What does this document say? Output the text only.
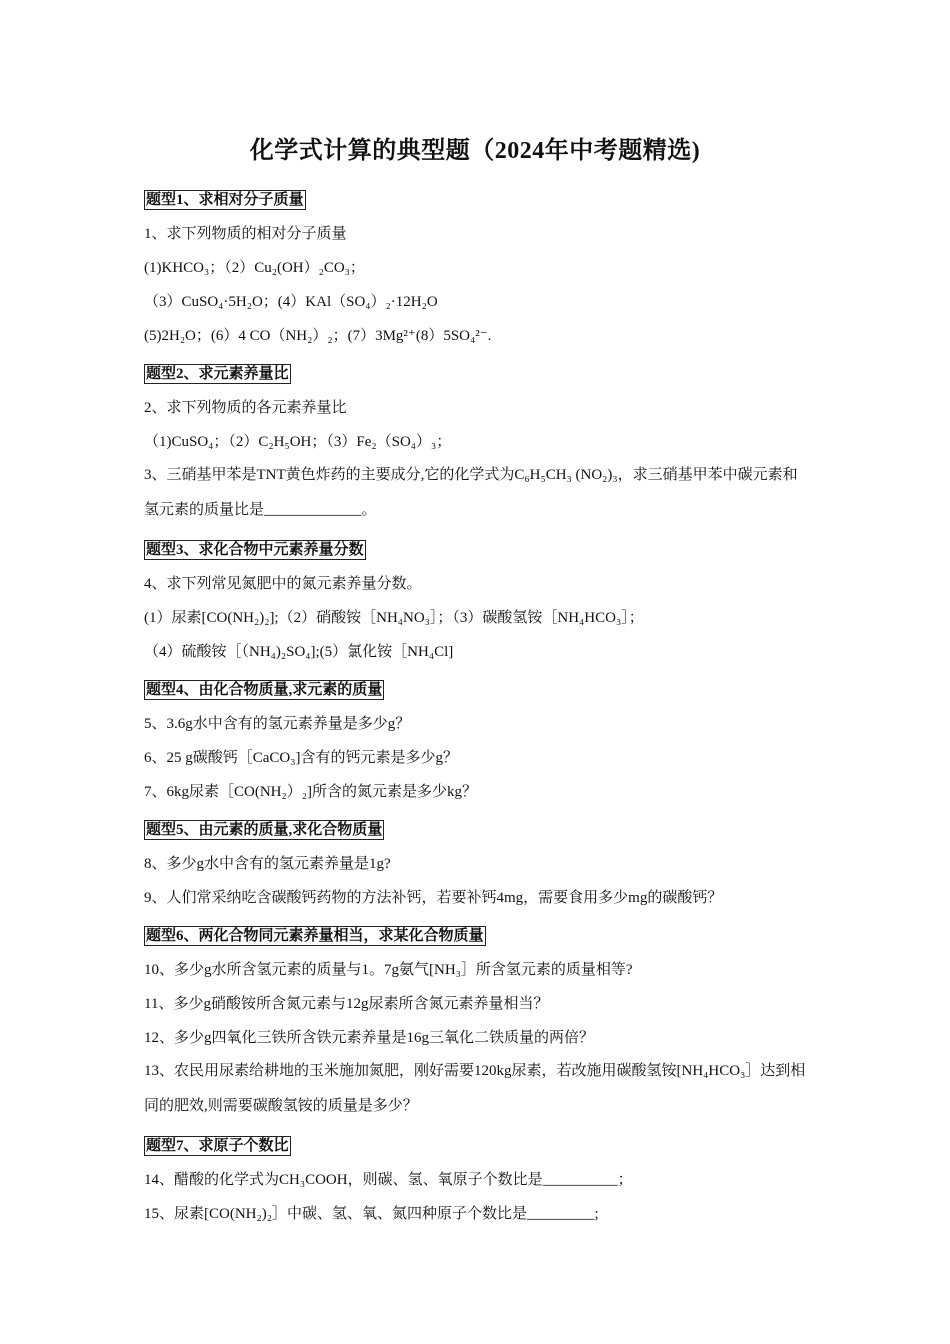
化学式计算的典型题（2024年中考题精选)
题型1、求相对分子质量
1、求下列物质的相对分子质量
(1)KHCO₃；（2）Cu₂(OH）₂CO₃；
（3）CuSO₄·5H₂O；(4）KAl（SO₄）₂·12H₂O
(5)2H₂O；(6）4 CO（NH₂）₂；(7）3Mg²⁺(8）5SO₄²⁻.
题型2、求元素养量比
2、求下列物质的各元素养量比
（1)CuSO₄；（2）C₂H₅OH；（3）Fe₂（SO₄）₃；
3、三硝基甲苯是TNT黄色炸药的主要成分,它的化学式为C₆H₅CH₃ (NO₂)₃，求三硝基甲苯中碳元素和氢元素的质量比是_____________。
题型3、求化合物中元素养量分数
4、求下列常见氮肥中的氮元素养量分数。
(1）尿素[CO(NH₂)₂];（2）硝酸铵［NH₄NO₃］；（3）碳酸氢铵［NH₄HCO₃］；
（4）硫酸铵［（NH₄)₂SO₄];(5）氯化铵［NH₄Cl]
题型4、由化合物质量,求元素的质量
5、3.6g水中含有的氢元素养量是多少g？
6、25 g碳酸钙［CaCO₃]含有的钙元素是多少g？
7、6kg尿素［CO(NH₂）₂]所含的氮元素是多少kg？
题型5、由元素的质量,求化合物质量
8、多少g水中含有的氢元素养量是1g?
9、人们常采纳吃含碳酸钙药物的方法补钙，若要补钙4mg，需要食用多少mg的碳酸钙？
题型6、两化合物同元素养量相当，求某化合物质量
10、多少g水所含氢元素的质量与1。7g氨气[NH₃］所含氢元素的质量相等?
11、多少g硝酸铵所含氮元素与12g尿素所含氮元素养量相当？
12、多少g四氧化三铁所含铁元素养量是16g三氧化二铁质量的两倍？
13、农民用尿素给耕地的玉米施加氮肥，刚好需要120kg尿素，若改施用碳酸氢铵[NH₄HCO₃］达到相同的肥效,则需要碳酸氢铵的质量是多少？
题型7、求原子个数比
14、醋酸的化学式为CH₃COOH，则碳、氢、氧原子个数比是__________；
15、尿素[CO(NH₂)₂］中碳、氢、氧、氮四种原子个数比是_________;
